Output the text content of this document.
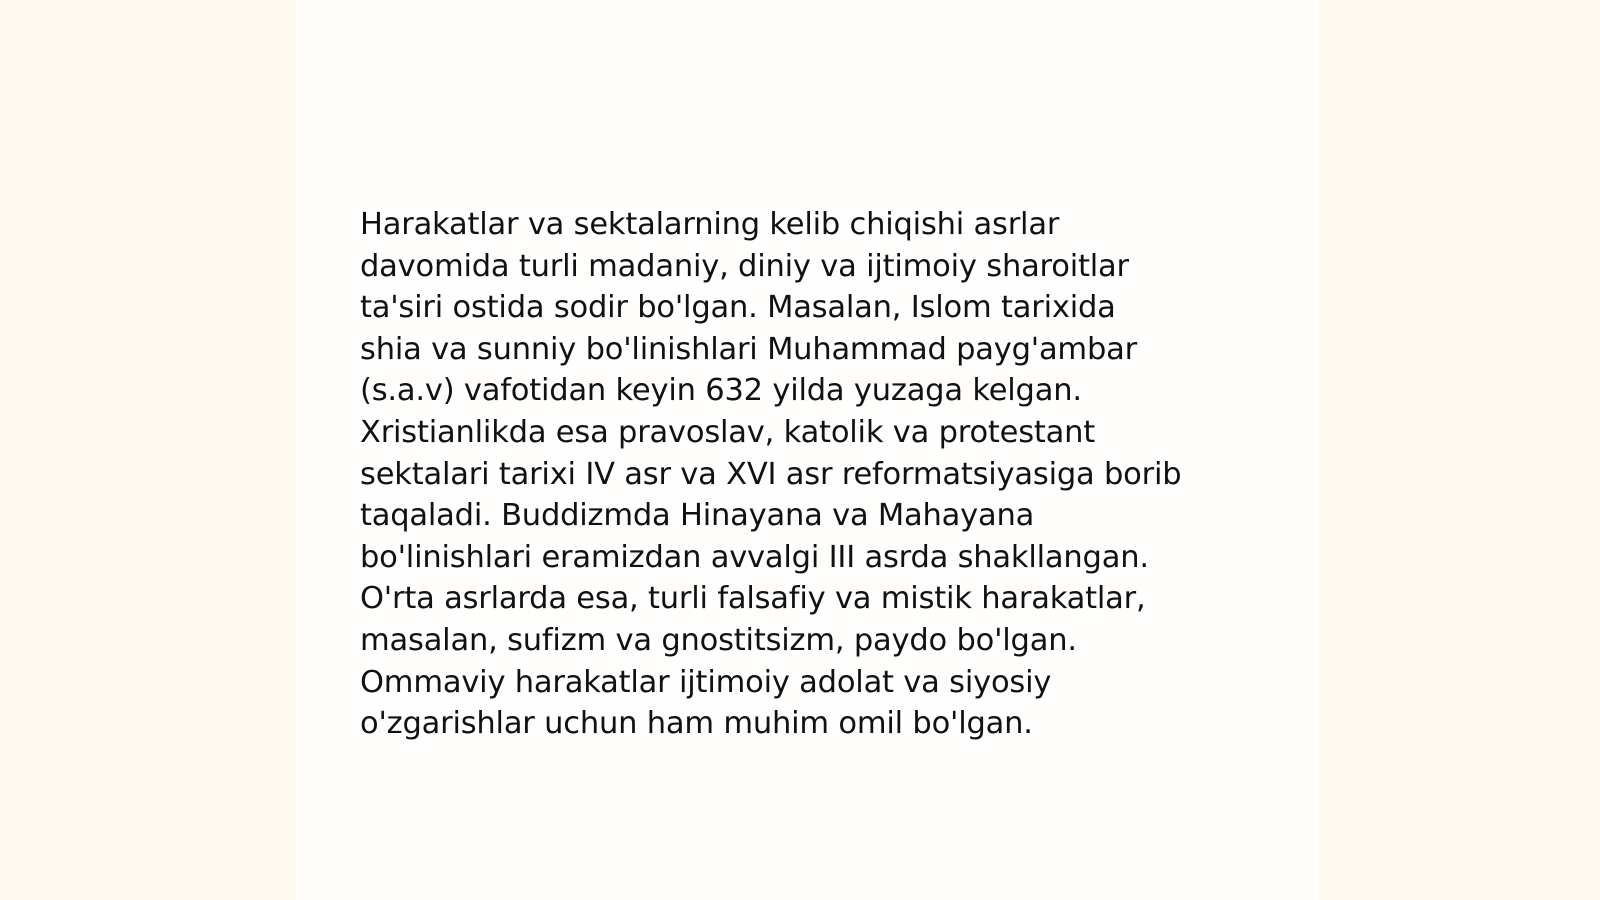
Harakatlar va sektalarning kelib chiqishi asrlar
davomida turli madaniy, diniy va ijtimoiy sharoitlar
ta'siri ostida sodir bo'lgan. Masalan, Islom tarixida
shia va sunniy bo'linishlari Muhammad payg'ambar
(s.a.v) vafotidan keyin 632 yilda yuzaga kelgan.
Xristianlikda esa pravoslav, katolik va protestant
sektalari tarixi IV asr va XVI asr reformatsiyasiga borib
taqaladi. Buddizmda Hinayana va Mahayana
bo'linishlari eramizdan avvalgi III asrda shakllangan.
O'rta asrlarda esa, turli falsafiy va mistik harakatlar,
masalan, sufizm va gnostitsizm, paydo bo'lgan.
Ommaviy harakatlar ijtimoiy adolat va siyosiy
o'zgarishlar uchun ham muhim omil bo'lgan.
